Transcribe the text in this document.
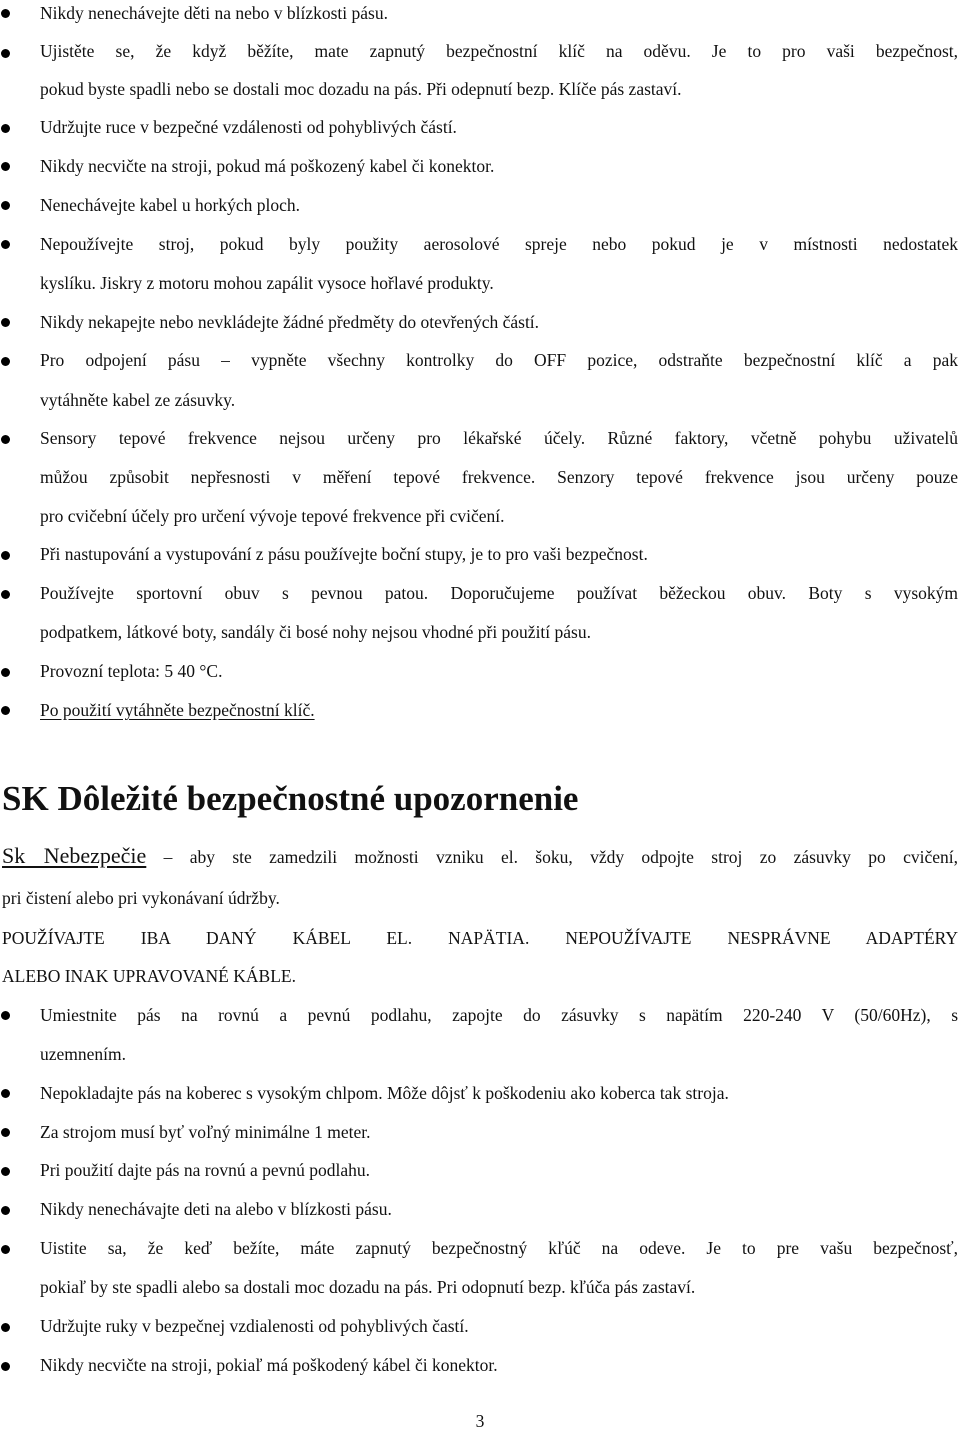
Nikdy nenechávejte děti na nebo v blízkosti pásu.
Ujistěte se, že když běžíte, mate zapnutý bezpečnostní klíč na oděvu. Je to pro vaši bezpečnost,
pokud byste spadli nebo se dostali moc dozadu na pás. Při odepnutí bezp. Klíče pás zastaví.
Udržujte ruce v bezpečné vzdálenosti od pohyblivých částí.
Nikdy necvičte na stroji, pokud má poškozený kabel či konektor.
Nenechávejte kabel u horkých ploch.
Nepoužívejte stroj, pokud byly použity aerosolové spreje nebo pokud je v místnosti nedostatek
kyslíku. Jiskry z motoru mohou zapálit vysoce hořlavé produkty.
Nikdy nekapejte nebo nevkládejte žádné předměty do otevřených částí.
Pro odpojení pásu – vypněte všechny kontrolky do OFF pozice, odstraňte bezpečnostní klíč a pak
vytáhněte kabel ze zásuvky.
Sensory tepové frekvence nejsou určeny pro lékařské účely. Různé faktory, včetně pohybu uživatelů
můžou způsobit nepřesnosti v měření tepové frekvence. Senzory tepové frekvence jsou určeny pouze
pro cvičební účely pro určení vývoje tepové frekvence při cvičení.
Při nastupování a vystupování z pásu používejte boční stupy, je to pro vaši bezpečnost.
Používejte sportovní obuv s pevnou patou. Doporučujeme používat běžeckou obuv. Boty s vysokým
podpatkem, látkové boty, sandály či bosé nohy nejsou vhodné při použití pásu.
Provozní teplota: 5 40 °C.
Po použití vytáhněte bezpečnostní klíč.
SK Dôležité bezpečnostné upozornenie
Sk Nebezpečie – aby ste zamedzili možnosti vzniku el. šoku, vždy odpojte stroj zo zásuvky po cvičení,
pri čistení alebo pri vykonávaní údržby.
POUŽÍVAJTE IBA DANÝ KÁBEL EL. NAPÄTIA. NEPOUŽÍVAJTE NESPRÁVNE ADAPTÉRY
ALEBO INAK UPRAVOVANÉ KÁBLE.
Umiestnite pás na rovnú a pevnú podlahu, zapojte do zásuvky s napätím 220-240 V (50/60Hz), s
uzemnením.
Nepokladajte pás na koberec s vysokým chlpom. Môže dôjsť k poškodeniu ako koberca tak stroja.
Za strojom musí byť voľný minimálne 1 meter.
Pri použití dajte pás na rovnú a pevnú podlahu.
Nikdy nenechávajte deti na alebo v blízkosti pásu.
Uistite sa, že keď bežíte, máte zapnutý bezpečnostný kľúč na odeve. Je to pre vašu bezpečnosť,
pokiaľ by ste spadli alebo sa dostali moc dozadu na pás. Pri odopnutí bezp. kľúča pás zastaví.
Udržujte ruky v bezpečnej vzdialenosti od pohyblivých častí.
Nikdy necvičte na stroji, pokiaľ má poškodený kábel či konektor.
3
